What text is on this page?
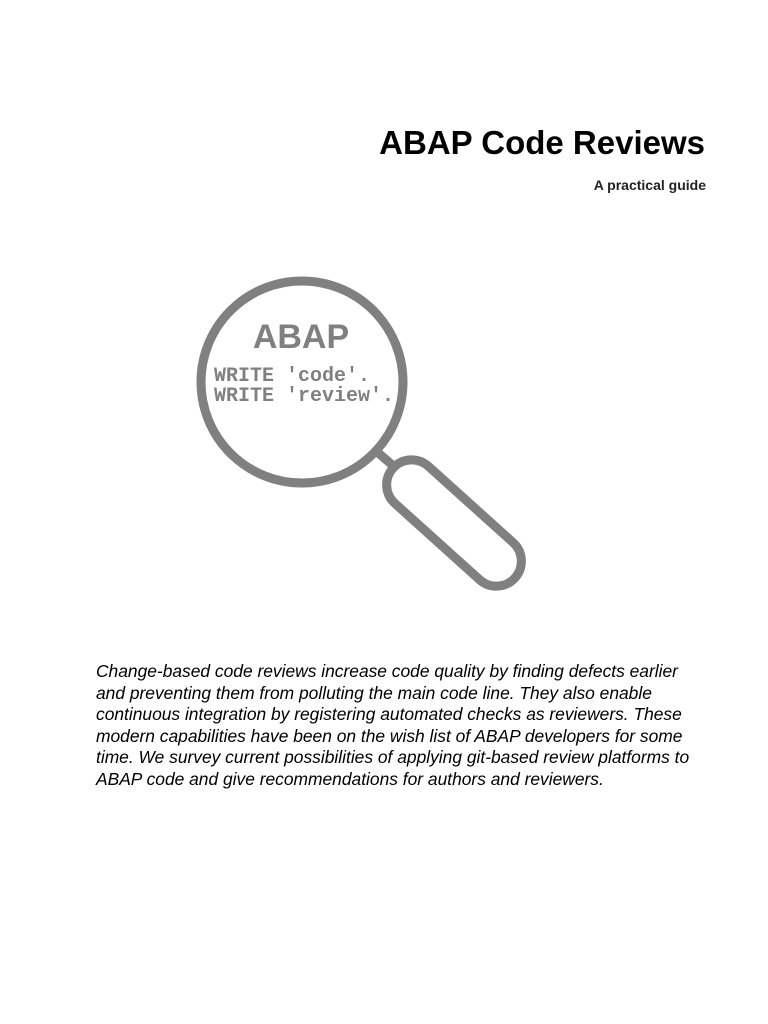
ABAP Code Reviews
A practical guide
ABAP
WRITE 'code'.
WRITE 'review'.

Change-based code reviews increase code quality by finding defects earlier and preventing them from polluting the main code line. They also enable continuous integration by registering automated checks as reviewers. These modern capabilities have been on the wish list of ABAP developers for some time. We survey current possibilities of applying git-based review platforms to ABAP code and give recommendations for authors and reviewers.
